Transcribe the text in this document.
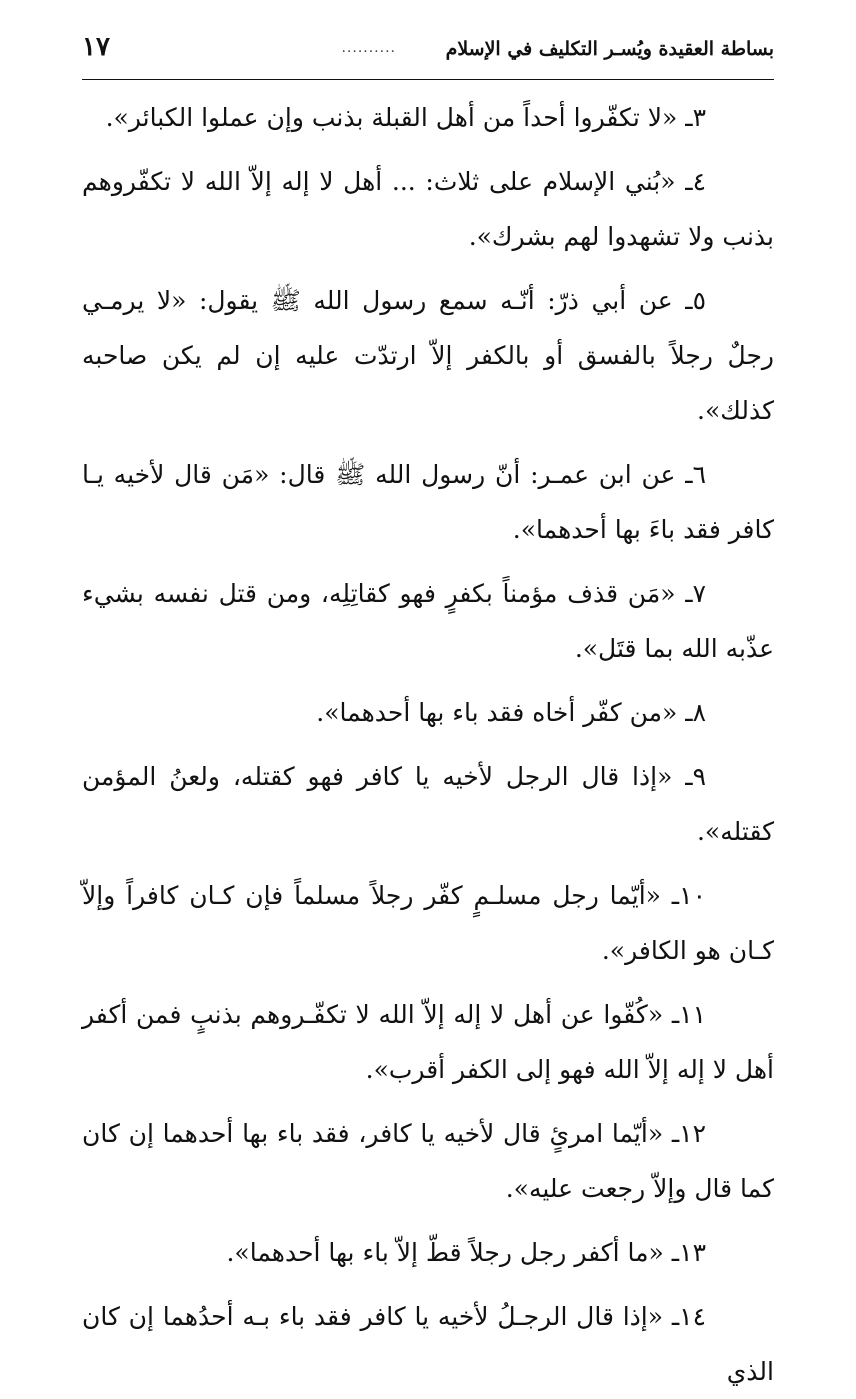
بساطة العقيدة ويُسـر التكليف في الإسلام
..........
١٧

٣ـ «لا تكفّروا أحداً من أهل القبلة بذنب وإن عملوا الكبائر».

٤ـ «بُني الإسلام على ثلاث: ... أهل لا إله إلاّ الله لا تكفّروهم بذنب ولا تشهدوا لهم بشرك».

٥ـ عن أبي ذرّ: أنّـه سمع رسول الله ﷺ يقول: «لا يرمـي رجلٌ رجلاً بالفسق أو بالكفر إلاّ ارتدّت عليه إن لم يكن صاحبه كذلك».

٦ـ عن ابن عمـر: أنّ رسول الله ﷺ قال: «مَن قال لأخيه يـا كافر فقد باءَ بها أحدهما».

٧ـ «مَن قذف مؤمناً بكفرٍ فهو كقاتِلِه، ومن قتل نفسه بشيء عذّبه الله بما قتَل».

٨ـ «من كفّر أخاه فقد باء بها أحدهما».

٩ـ «إذا قال الرجل لأخيه يا كافر فهو كقتله، ولعنُ المؤمن كقتله».

١٠ـ «أيّما رجل مسلـمٍ كفّر رجلاً مسلماً فإن كـان كافراً وإلاّ كـان هو الكافر».

١١ـ «كُفّوا عن أهل لا إله إلاّ الله لا تكفّـروهم بذنبٍ فمن أكفر أهل لا إله إلاّ الله فهو إلى الكفر أقرب».

١٢ـ «أيّما امرئٍ قال لأخيه يا كافر، فقد باء بها أحدهما إن كان كما قال وإلاّ رجعت عليه».

١٣ـ «ما أكفر رجل رجلاً قطّ إلاّ باء بها أحدهما».

١٤ـ «إذا قال الرجـلُ لأخيه يا كافر فقد باء بـه أحدُهما إن كان الذي
